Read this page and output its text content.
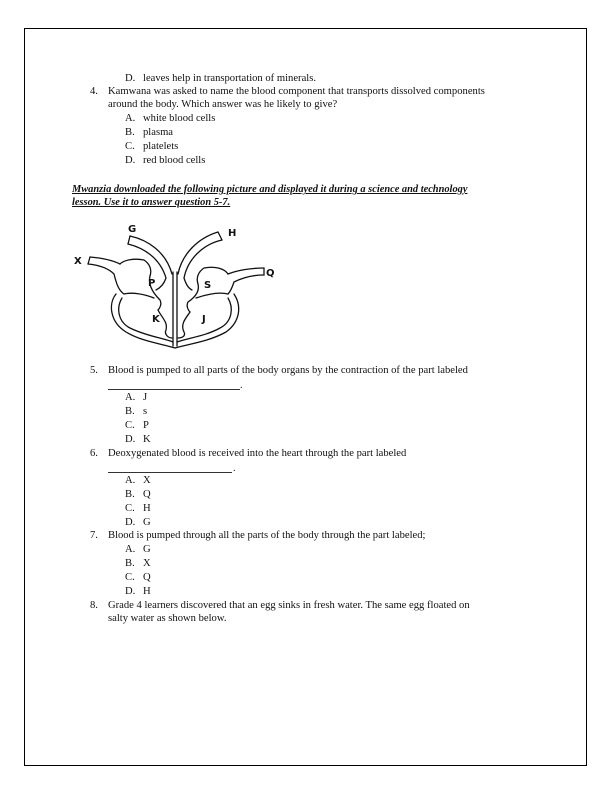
D. leaves help in transportation of minerals.
4. Kamwana was asked to name the blood component that transports dissolved components
around the body. Which answer was he likely to give?
A. white blood cells
B. plasma
C. platelets
D. red blood cells
Mwanzia downloaded the following picture and displayed it during a science and technology
lesson. Use it to answer question 5-7.
G	H
X
Q
P	S
K	J
5. Blood is pumped to all parts of the body organs by the contraction of the part labeled
.
A. J
B. s
C. P
D. K
6. Deoxygenated blood is received into the heart through the part labeled
.
A. X
B. Q
C. H
D. G
7. Blood is pumped through all the parts of the body through the part labeled;
A. G
B. X
C. Q
D. H
8. Grade 4 learners discovered that an egg sinks in fresh water. The same egg floated on
salty water as shown below.
